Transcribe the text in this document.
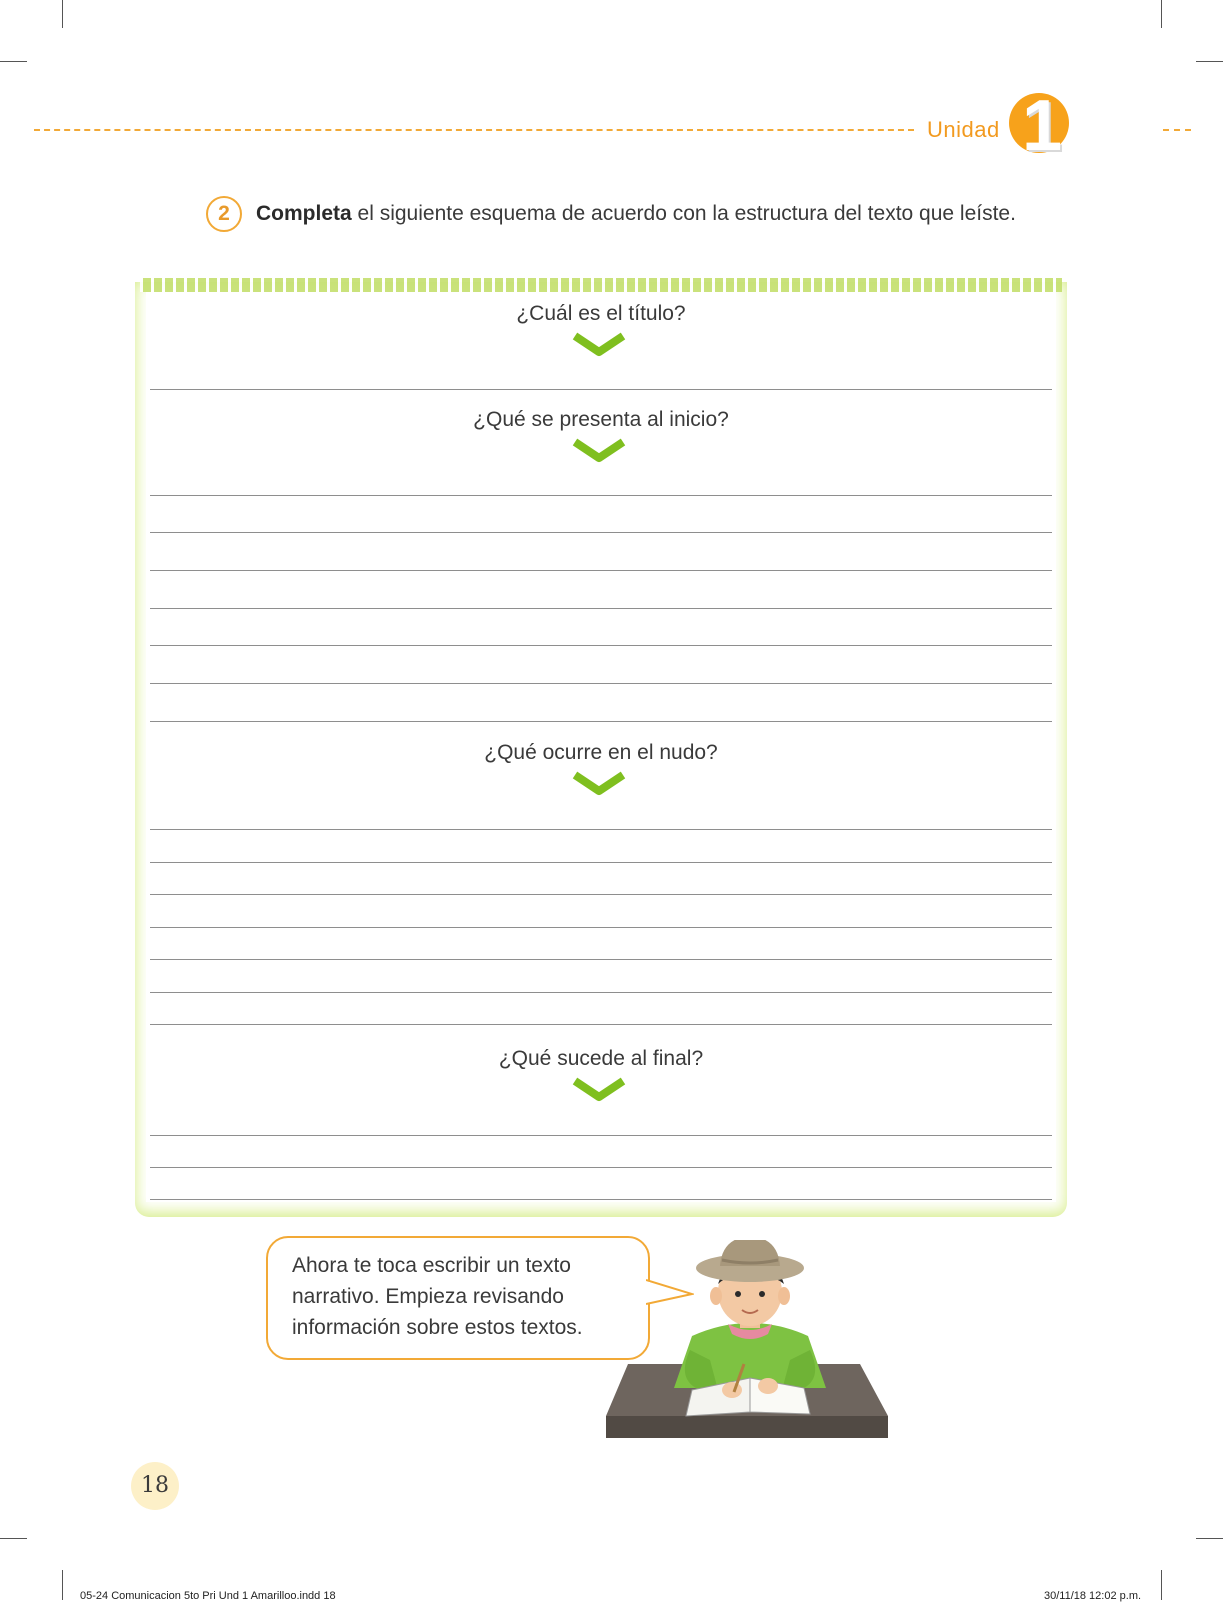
Unidad 1
2	Completa el siguiente esquema de acuerdo con la estructura del texto que leíste.
¿Cuál es el título?
¿Qué se presenta al inicio?
¿Qué ocurre en el nudo?
¿Qué sucede al final?
Ahora te toca escribir un texto narrativo. Empieza revisando información sobre estos textos.
18
05-24 Comunicacion 5to Pri Und 1 Amarilloo.indd 18	30/11/18 12:02 p.m.
